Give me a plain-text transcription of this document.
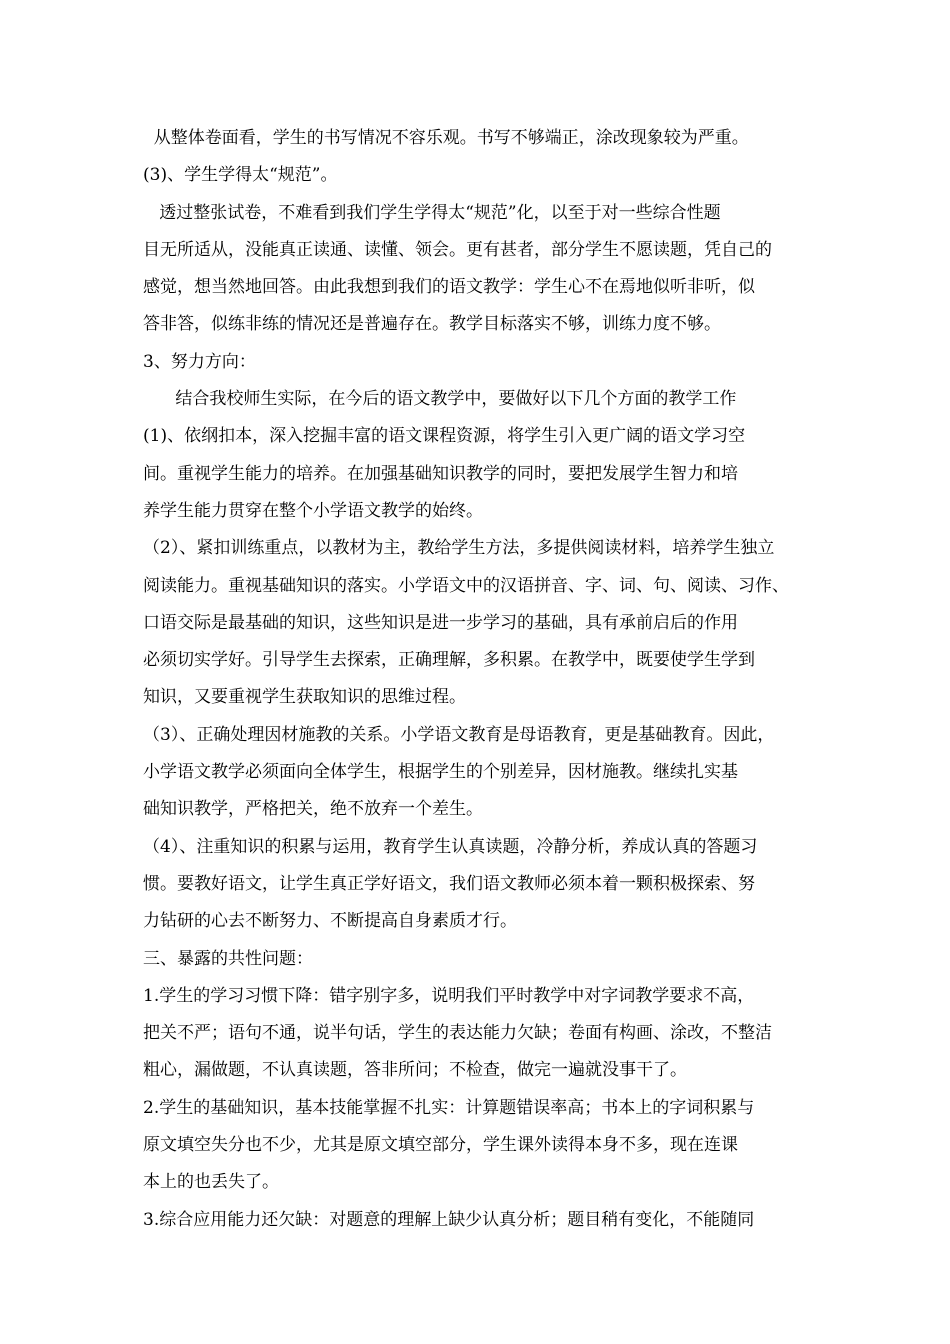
从整体卷面看，学生的书写情况不容乐观。书写不够端正，涂改现象较为严重。
(3)、学生学得太“规范”。
透过整张试卷，不难看到我们学生学得太“规范”化，以至于对一些综合性题
目无所适从，没能真正读通、读懂、领会。更有甚者，部分学生不愿读题，凭自己的
感觉，想当然地回答。由此我想到我们的语文教学：学生心不在焉地似听非听，似
答非答，似练非练的情况还是普遍存在。教学目标落实不够，训练力度不够。
3、努力方向：
结合我校师生实际，在今后的语文教学中，要做好以下几个方面的教学工作
(1)、依纲扣本，深入挖掘丰富的语文课程资源，将学生引入更广阔的语文学习空
间。重视学生能力的培养。在加强基础知识教学的同时，要把发展学生智力和培
养学生能力贯穿在整个小学语文教学的始终。
（2）、紧扣训练重点，以教材为主，教给学生方法，多提供阅读材料，培养学生独立
阅读能力。重视基础知识的落实。小学语文中的汉语拼音、字、词、句、阅读、习作、
口语交际是最基础的知识，这些知识是进一步学习的基础，具有承前启后的作用
必须切实学好。引导学生去探索，正确理解，多积累。在教学中，既要使学生学到
知识，又要重视学生获取知识的思维过程。
（3）、正确处理因材施教的关系。小学语文教育是母语教育，更是基础教育。因此，
小学语文教学必须面向全体学生，根据学生的个别差异，因材施教。继续扎实基
础知识教学，严格把关，绝不放弃一个差生。
（4）、注重知识的积累与运用，教育学生认真读题，冷静分析，养成认真的答题习
惯。要教好语文，让学生真正学好语文，我们语文教师必须本着一颗积极探索、努
力钻研的心去不断努力、不断提高自身素质才行。
三、暴露的共性问题：
1.学生的学习习惯下降：错字别字多，说明我们平时教学中对字词教学要求不高，
把关不严；语句不通，说半句话，学生的表达能力欠缺；卷面有构画、涂改，不整洁
粗心，漏做题，不认真读题，答非所问；不检查，做完一遍就没事干了。
2.学生的基础知识，基本技能掌握不扎实：计算题错误率高；书本上的字词积累与
原文填空失分也不少，尤其是原文填空部分，学生课外读得本身不多，现在连课
本上的也丢失了。
3.综合应用能力还欠缺：对题意的理解上缺少认真分析；题目稍有变化，不能随同
